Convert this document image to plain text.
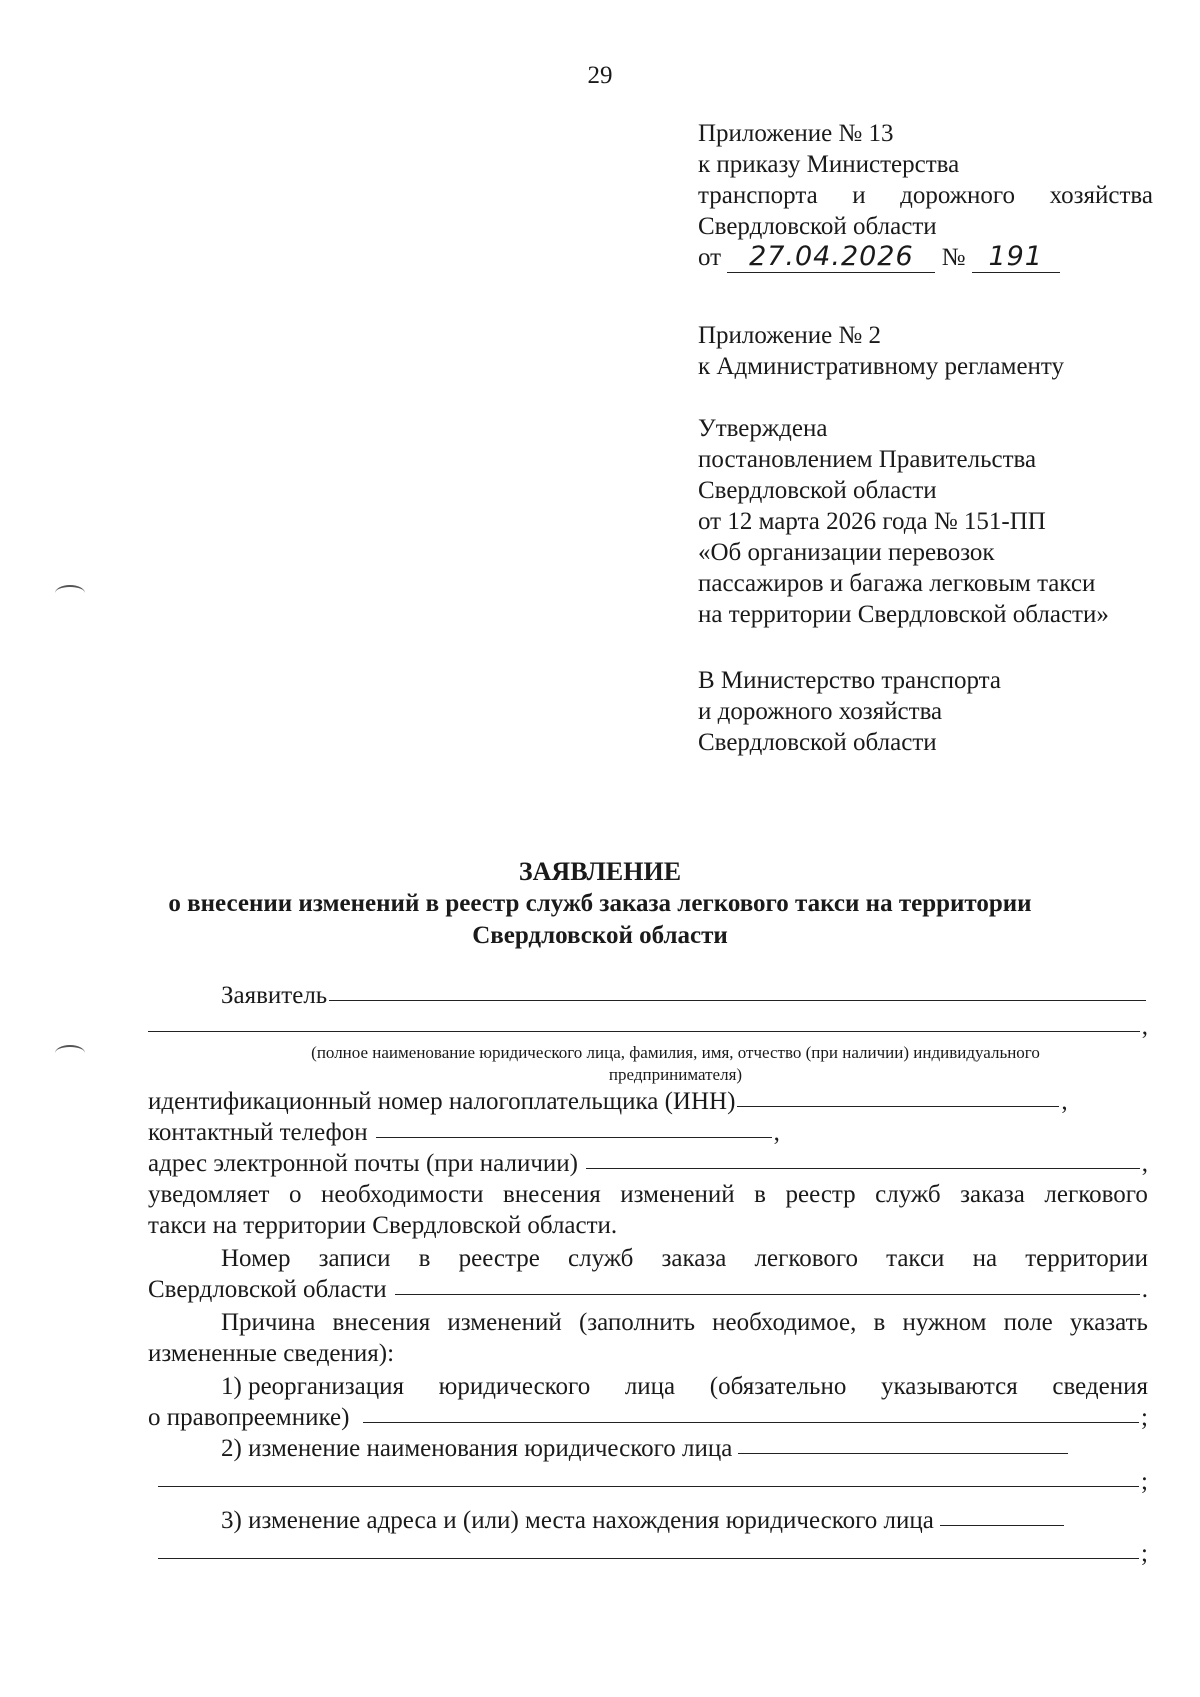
29
Приложение № 13
к приказу Министерства
транспорта и дорожного хозяйства
Свердловской области
от 27.04.2026 № 191
Приложение № 2
к Административному регламенту
Утверждена
постановлением Правительства
Свердловской области
от 12 марта 2026 года № 151-ПП
«Об организации перевозок
пассажиров и багажа легковым такси
на территории Свердловской области»
В Министерство транспорта
и дорожного хозяйства
Свердловской области
ЗАЯВЛЕНИЕ
о внесении изменений в реестр служб заказа легкового такси на территории
Свердловской области
Заявитель
,
(полное наименование юридического лица, фамилия, имя, отчество (при наличии) индивидуального
предпринимателя)
идентификационный номер налогоплательщика (ИНН)	,
контактный телефон	,
адрес электронной почты (при наличии)	,
уведомляет о необходимости внесения изменений в реестр служб заказа легкового
такси на территории Свердловской области.
Номер записи в реестре служб заказа легкового такси на территории
Свердловской области	.
Причина внесения изменений (заполнить необходимое, в нужном поле указать
измененные сведения):
1) реорганизация юридического лица (обязательно указываются сведения
о правопреемнике)	;
2) изменение наименования юридического лица
;
3) изменение адреса и (или) места нахождения юридического лица
;
